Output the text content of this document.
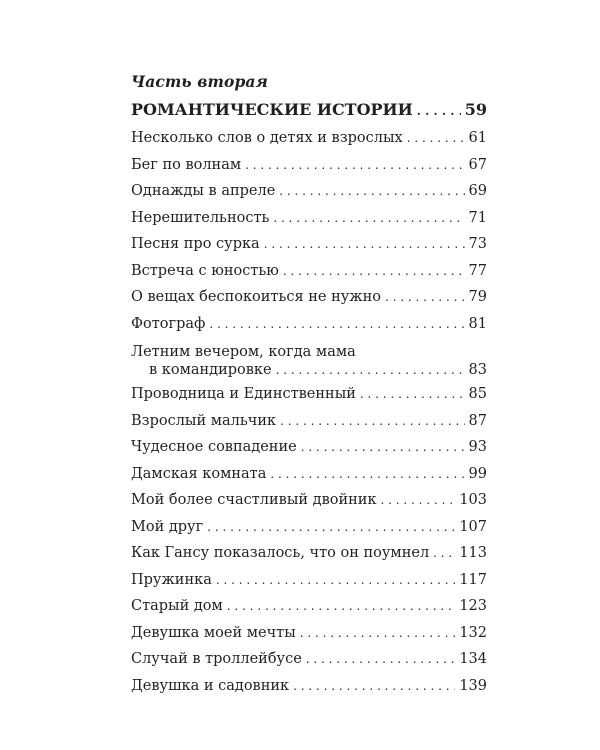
Часть вторая
РОМАНТИЧЕСКИЕ ИСТОРИИ . . .	59
Несколько слов о детях и взрослых . . .	61
Бег по волнам . . .	67
Однажды в апреле . . .	69
Нерешительность . . .	71
Песня про сурка . . .	73
Встреча с юностью . . .	77
О вещах беспокоиться не нужно . . .	79
Фотограф . . .	81
Летним вечером, когда мама
в командировке . . .	83
Проводница и Единственный . . .	85
Взрослый мальчик . . .	87
Чудесное совпадение . . .	93
Дамская комната . . .	99
Мой более счастливый двойник . . .	103
Мой друг . . .	107
Как Гансу показалось, что он поумнел . . . 113
Пружинка . . .	117
Старый дом . . .	123
Девушка моей мечты . . .	132
Случай в троллейбусе . . .	134
Девушка и садовник . . .	139
